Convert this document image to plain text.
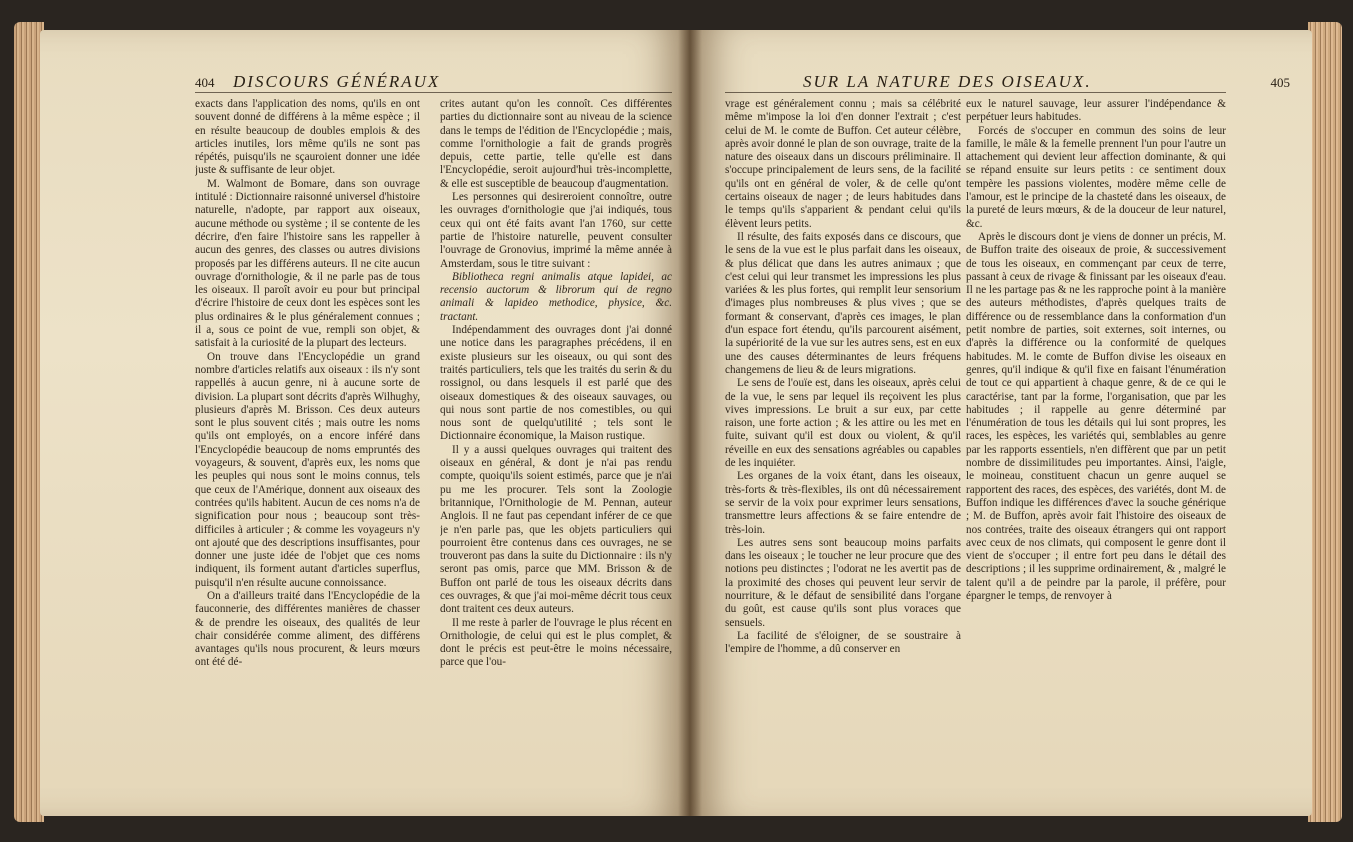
404 DISCOURS GÉNÉRAUX

exacts dans l'application des noms, qu'ils en ont souvent donné de différens à la même espèce ; il en résulte beaucoup de doubles emplois & des articles inutiles, lors même qu'ils ne sont pas répétés, puisqu'ils ne sçauroient donner une idée juste & suffisante de leur objet.

M. Walmont de Bomare, dans son ouvrage intitulé : Dictionnaire raisonné universel d'histoire naturelle, n'adopte, par rapport aux oiseaux, aucune méthode ou système ; il se contente de les décrire, d'en faire l'histoire sans les rappeller à aucun des genres, des classes ou autres divisions proposés par les différens auteurs. Il ne cite aucun ouvrage d'ornithologie, & il ne parle pas de tous les oiseaux. Il paroît avoir eu pour but principal d'écrire l'histoire de ceux dont les espèces sont les plus ordinaires & le plus généralement connues ; il a, sous ce point de vue, rempli son objet, & satisfait à la curiosité de la plupart des lecteurs.

On trouve dans l'Encyclopédie un grand nombre d'articles relatifs aux oiseaux : ils n'y sont rappellés à aucun genre, ni à aucune sorte de division. La plupart sont décrits d'après Wilhughy, plusieurs d'après M. Brisson. Ces deux auteurs sont le plus souvent cités ; mais outre les noms qu'ils ont employés, on a encore inféré dans l'Encyclopédie beaucoup de noms empruntés des voyageurs, & souvent, d'après eux, les noms que les peuples qui nous sont le moins connus, tels que ceux de l'Amérique, donnent aux oiseaux des contrées qu'ils habitent. Aucun de ces noms n'a de signification pour nous ; beaucoup sont très-difficiles à articuler ; & comme les voyageurs n'y ont ajouté que des descriptions insuffisantes, pour donner une juste idée de l'objet que ces noms indiquent, ils forment autant d'articles superflus, puisqu'il n'en résulte aucune connoissance.

On a d'ailleurs traité dans l'Encyclopédie de la fauconnerie, des différentes manières de chasser & de prendre les oiseaux, des qualités de leur chair considérée comme aliment, des différens avantages qu'ils nous procurent, & leurs mœurs ont été dé-

crites autant qu'on les connoît. Ces différentes parties du dictionnaire sont au niveau de la science dans le temps de l'édition de l'Encyclopédie ; mais, comme l'ornithologie a fait de grands progrès depuis, cette partie, telle qu'elle est dans l'Encyclopédie, seroit aujourd'hui très-incomplette, & elle est susceptible de beaucoup d'augmentation.

Les personnes qui desireroient connoître, outre les ouvrages d'ornithologie que j'ai indiqués, tous ceux qui ont été faits avant l'an 1760, sur cette partie de l'histoire naturelle, peuvent consulter l'ouvrage de Gronovius, imprimé la même année à Amsterdam, sous le titre suivant :

Bibliotheca regni animalis atque lapidei, ac recensio auctorum & librorum qui de regno animali & lapideo methodice, physice, &c. tractant.

Indépendamment des ouvrages dont j'ai donné une notice dans les paragraphes précédens, il en existe plusieurs sur les oiseaux, ou qui sont des traités particuliers, tels que les traités du serin & du rossignol, ou dans lesquels il est parlé que des oiseaux domestiques & des oiseaux sauvages, ou qui nous sont partie de nos comestibles, ou qui nous sont de quelqu'utilité ; tels sont le Dictionnaire économique, la Maison rustique.

Il y a aussi quelques ouvrages qui traitent des oiseaux en général, & dont je n'ai pas rendu compte, quoiqu'ils soient estimés, parce que je n'ai pu me les procurer. Tels sont la Zoologie britannique, l'Ornithologie de M. Pennan, auteur Anglois. Il ne faut pas cependant inférer de ce que je n'en parle pas, que les objets particuliers qui pourroient être contenus dans ces ouvrages, ne se trouveront pas dans la suite du Dictionnaire : ils n'y seront pas omis, parce que MM. Brisson & de Buffon ont parlé de tous les oiseaux décrits dans ces ouvrages, & que j'ai moi-même décrit tous ceux dont traitent ces deux auteurs.

Il me reste à parler de l'ouvrage le plus récent en Ornithologie, de celui qui est le plus complet, & dont le précis est peut-être le moins nécessaire, parce que l'ou-

SUR LA NATURE DES OISEAUX.	405

vrage est généralement connu ; mais sa célébrité même m'impose la loi d'en donner l'extrait ; c'est celui de M. le comte de Buffon. Cet auteur célèbre, après avoir donné le plan de son ouvrage, traite de la nature des oiseaux dans un discours préliminaire. Il s'occupe principalement de leurs sens, de la facilité qu'ils ont en général de voler, & de celle qu'ont certains oiseaux de nager ; de leurs habitudes dans le temps qu'ils s'apparient & pendant celui qu'ils élèvent leurs petits.

Il résulte, des faits exposés dans ce discours, que le sens de la vue est le plus parfait dans les oiseaux, & plus délicat que dans les autres animaux ; que c'est celui qui leur transmet les impressions les plus variées & les plus fortes, qui remplit leur sensorium d'images plus nombreuses & plus vives ; que se formant & conservant, d'après ces images, le plan d'un espace fort étendu, qu'ils parcourent aisément, la supériorité de la vue sur les autres sens, est en eux une des causes déterminantes de leurs fréquens changemens de lieu & de leurs migrations.

Le sens de l'ouïe est, dans les oiseaux, après celui de la vue, le sens par lequel ils reçoivent les plus vives impressions. Le bruit a sur eux, par cette raison, une forte action ; & les attire ou les met en fuite, suivant qu'il est doux ou violent, & qu'il réveille en eux des sensations agréables ou capables de les inquiéter.

Les organes de la voix étant, dans les oiseaux, très-forts & très-flexibles, ils ont dû nécessairement se servir de la voix pour exprimer leurs sensations, transmettre leurs affections & se faire entendre de très-loin.

Les autres sens sont beaucoup moins parfaits dans les oiseaux ; le toucher ne leur procure que des notions peu distinctes ; l'odorat ne les avertit pas de la proximité des choses qui peuvent leur servir de nourriture, & le défaut de sensibilité dans l'organe du goût, est cause qu'ils sont plus voraces que sensuels.

La facilité de s'éloigner, de se soustraire à l'empire de l'homme, a dû conserver en

eux le naturel sauvage, leur assurer l'indépendance & perpétuer leurs habitudes.

Forcés de s'occuper en commun des soins de leur famille, le mâle & la femelle prennent l'un pour l'autre un attachement qui devient leur affection dominante, & qui se répand ensuite sur leurs petits : ce sentiment doux tempère les passions violentes, modère même celle de l'amour, est le principe de la chasteté dans les oiseaux, de la pureté de leurs mœurs, & de la douceur de leur naturel, &c.

Après le discours dont je viens de donner un précis, M. de Buffon traite des oiseaux de proie, & successivement de tous les oiseaux, en commençant par ceux de terre, passant à ceux de rivage & finissant par les oiseaux d'eau. Il ne les partage pas & ne les rapproche point à la manière des auteurs méthodistes, d'après quelques traits de différence ou de ressemblance dans la conformation d'un petit nombre de parties, soit externes, soit internes, ou d'après la différence ou la conformité de quelques habitudes. M. le comte de Buffon divise les oiseaux en genres, qu'il indique & qu'il fixe en faisant l'énumération de tout ce qui appartient à chaque genre, & de ce qui le caractérise, tant par la forme, l'organisation, que par les habitudes ; il rappelle au genre déterminé par l'énumération de tous les détails qui lui sont propres, les races, les espèces, les variétés qui, semblables au genre par les rapports essentiels, n'en diffèrent que par un petit nombre de dissimilitudes peu importantes. Ainsi, l'aigle, le moineau, constituent chacun un genre auquel se rapportent des races, des espèces, des variétés, dont M. de Buffon indique les différences d'avec la souche générique ; M. de Buffon, après avoir fait l'histoire des oiseaux de nos contrées, traite des oiseaux étrangers qui ont rapport avec ceux de nos climats, qui composent le genre dont il vient de s'occuper ; il entre fort peu dans le détail des descriptions ; il les supprime ordinairement, & , malgré le talent qu'il a de peindre par la parole, il préfère, pour épargner le temps, de renvoyer à
